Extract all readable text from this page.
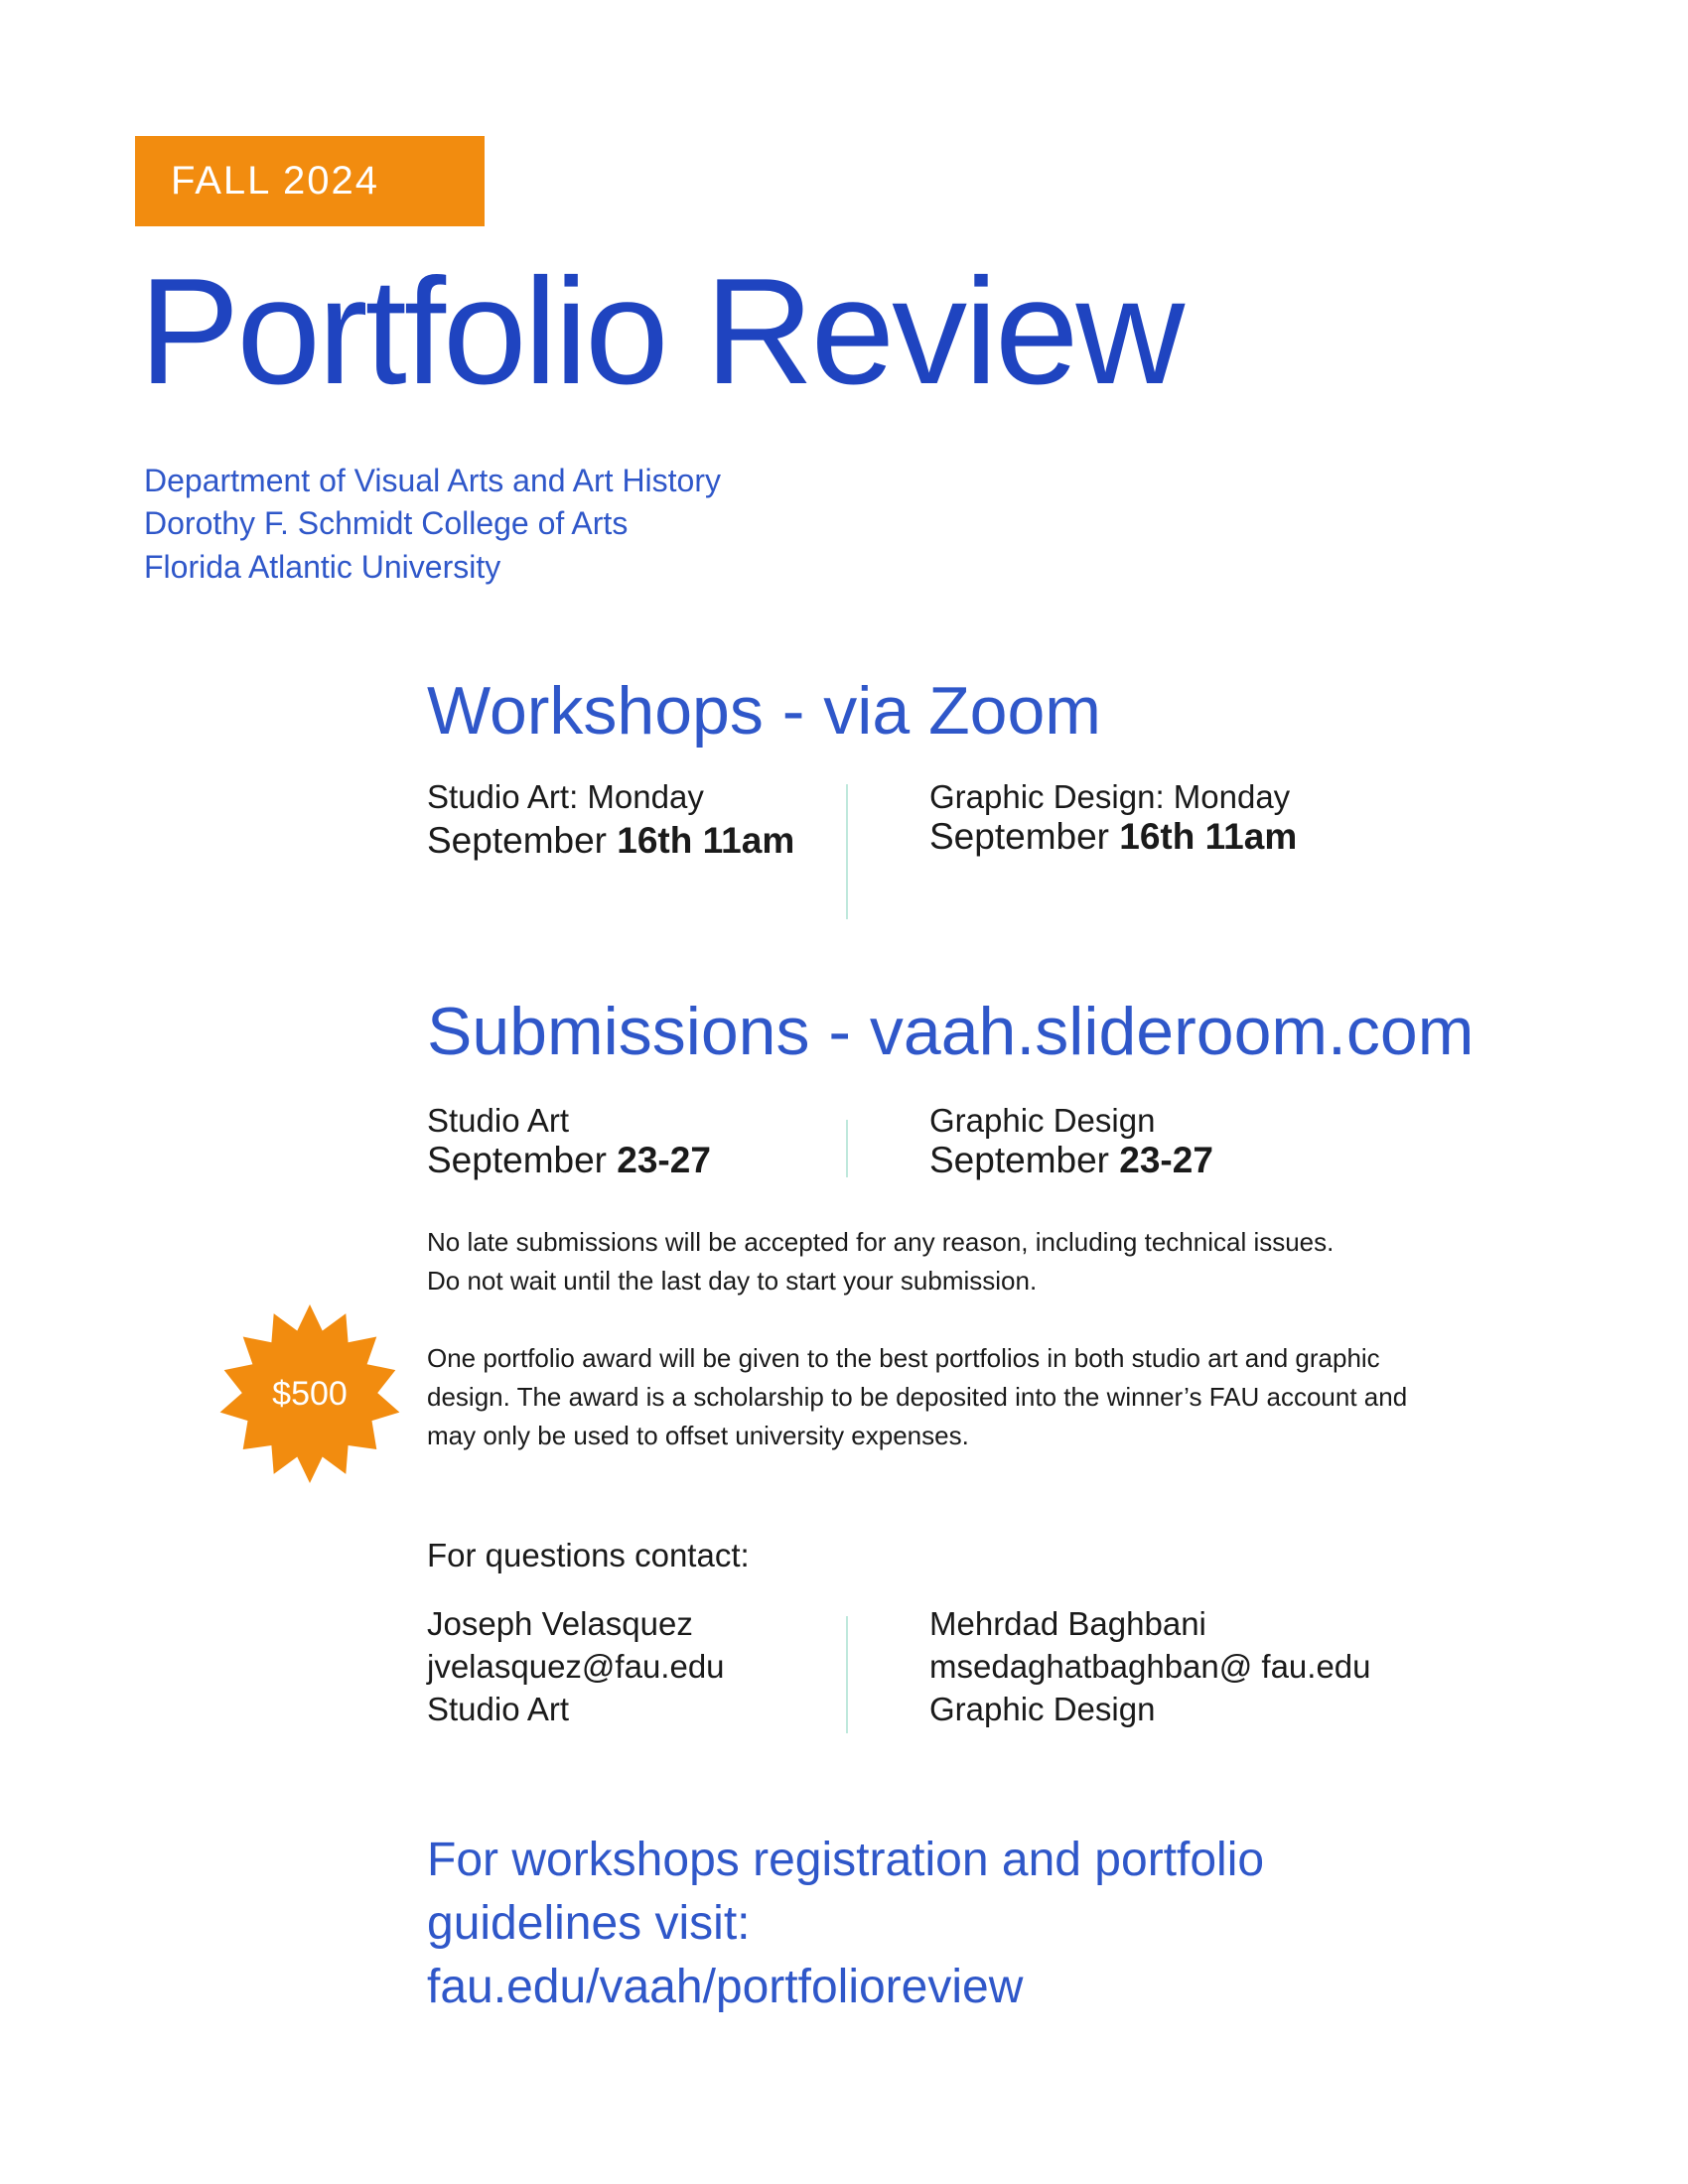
FALL 2024
Portfolio Review
Department of Visual Arts and Art History
Dorothy F. Schmidt College of Arts
Florida Atlantic University
Workshops - via Zoom
Studio Art: Monday
September 16th 11am
Graphic Design: Monday
September 16th 11am
Submissions - vaah.slideroom.com
Studio Art
September 23-27
Graphic Design
September 23-27
No late submissions will be accepted for any reason, including technical issues.
Do not wait until the last day to start your submission.
$500
One portfolio award will be given to the best portfolios in both studio art and graphic
design. The award is a scholarship to be deposited into the winner’s FAU account and
may only be used to offset university expenses.
For questions contact:
Joseph Velasquez
jvelasquez@fau.edu
Studio Art
Mehrdad Baghbani
msedaghatbaghban@ fau.edu
Graphic Design
For workshops registration and portfolio
guidelines visit:
fau.edu/vaah/portfolioreview
